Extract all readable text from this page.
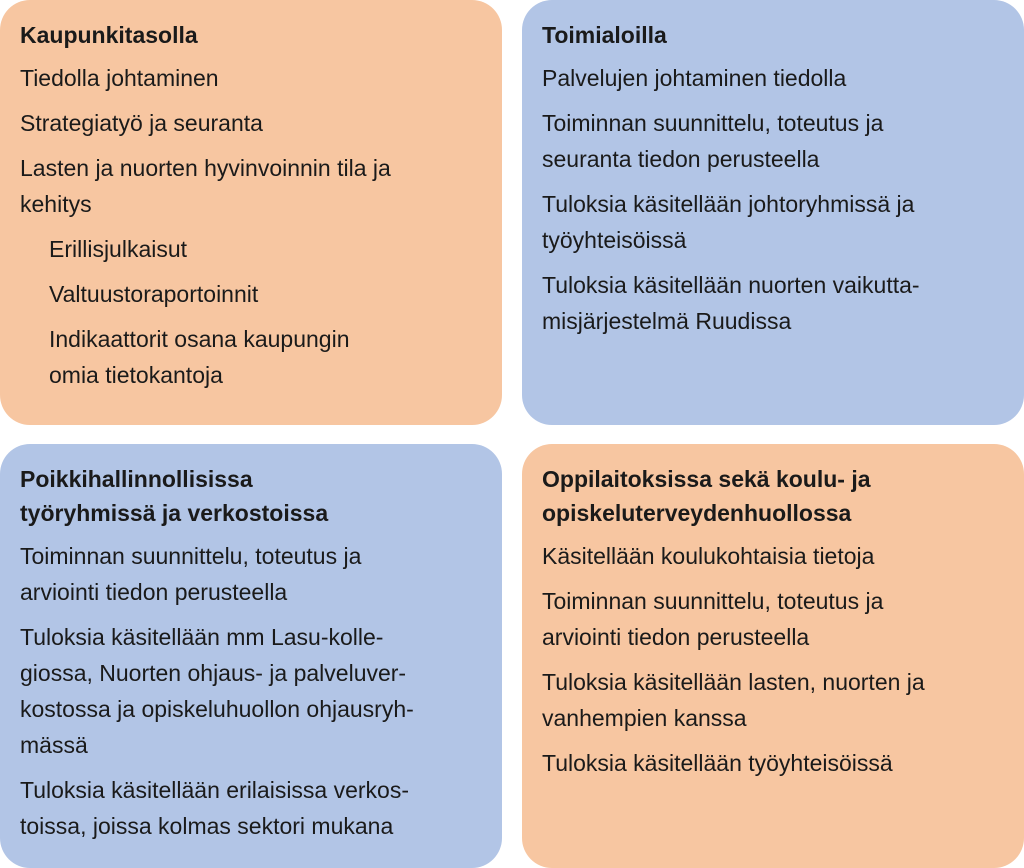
Kaupunkitasolla
Tiedolla johtaminen
Strategiatyö ja seuranta
Lasten ja nuorten hyvinvoinnin tila ja
kehitys
Erillisjulkaisut
Valtuustoraportoinnit
Indikaattorit osana kaupungin
omia tietokantoja
Toimialoilla
Palvelujen johtaminen tiedolla
Toiminnan suunnittelu, toteutus ja
seuranta tiedon perusteella
Tuloksia käsitellään johtoryhmissä ja
työyhteisöissä
Tuloksia käsitellään nuorten vaikutta-
misjärjestelmä Ruudissa
Poikkihallinnollisissa
työryhmissä ja verkostoissa
Toiminnan suunnittelu, toteutus ja
arviointi tiedon perusteella
Tuloksia käsitellään mm Lasu-kolle-
giossa, Nuorten ohjaus- ja palveluver-
kostossa ja opiskeluhuollon ohjausryh-
mässä
Tuloksia käsitellään erilaisissa verkos-
toissa, joissa kolmas sektori mukana
Oppilaitoksissa sekä koulu- ja
opiskeluterveydenhuollossa
Käsitellään koulukohtaisia tietoja
Toiminnan suunnittelu, toteutus ja
arviointi tiedon perusteella
Tuloksia käsitellään lasten, nuorten ja
vanhempien kanssa
Tuloksia käsitellään työyhteisöissä
